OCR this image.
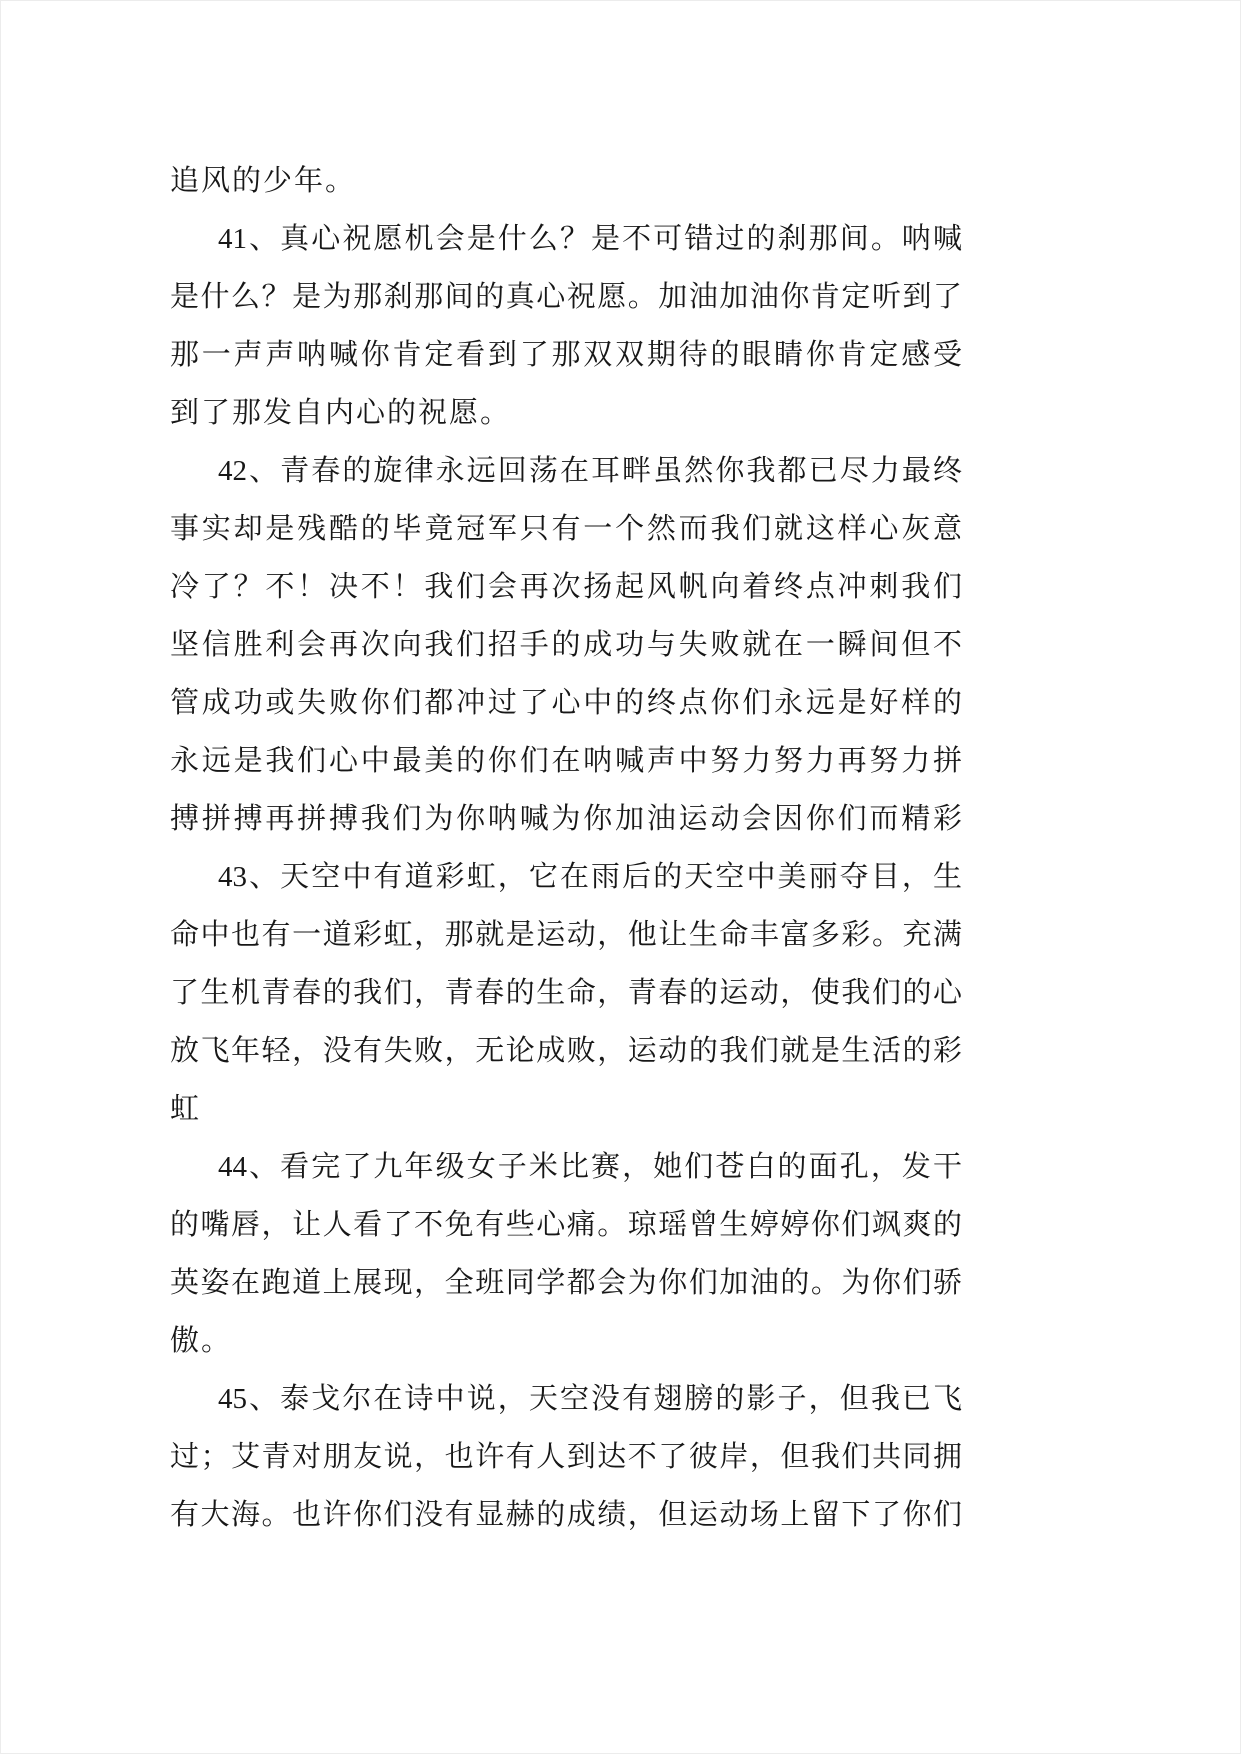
追风的少年。
41、真心祝愿机会是什么？是不可错过的刹那间。呐喊
是什么？是为那刹那间的真心祝愿。加油加油你肯定听到了
那一声声呐喊你肯定看到了那双双期待的眼睛你肯定感受
到了那发自内心的祝愿。
42、青春的旋律永远回荡在耳畔虽然你我都已尽力最终
事实却是残酷的毕竟冠军只有一个然而我们就这样心灰意
冷了？不！决不！我们会再次扬起风帆向着终点冲刺我们
坚信胜利会再次向我们招手的成功与失败就在一瞬间但不
管成功或失败你们都冲过了心中的终点你们永远是好样的
永远是我们心中最美的你们在呐喊声中努力努力再努力拼
搏拼搏再拼搏我们为你呐喊为你加油运动会因你们而精彩
43、天空中有道彩虹，它在雨后的天空中美丽夺目，生
命中也有一道彩虹，那就是运动，他让生命丰富多彩。充满
了生机青春的我们，青春的生命，青春的运动，使我们的心
放飞年轻，没有失败，无论成败，运动的我们就是生活的彩
虹
44、看完了九年级女子米比赛，她们苍白的面孔，发干
的嘴唇，让人看了不免有些心痛。琼瑶曾生婷婷你们飒爽的
英姿在跑道上展现，全班同学都会为你们加油的。为你们骄
傲。
45、泰戈尔在诗中说，天空没有翅膀的影子，但我已飞
过；艾青对朋友说，也许有人到达不了彼岸，但我们共同拥
有大海。也许你们没有显赫的成绩，但运动场上留下了你们
